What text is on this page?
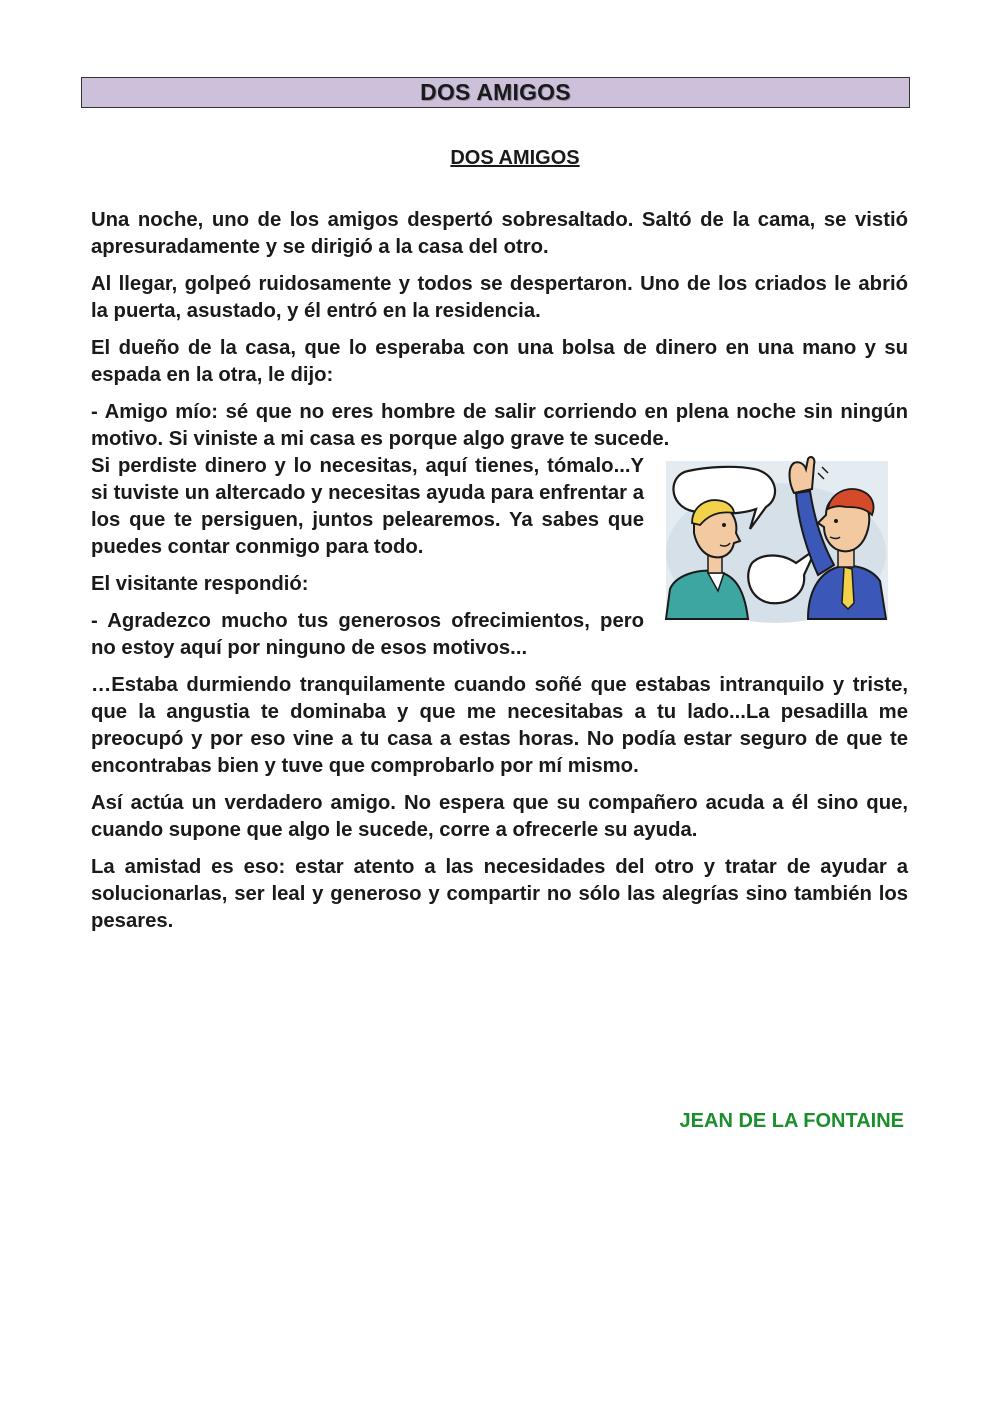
DOS AMIGOS
DOS AMIGOS

Una noche, uno de los amigos despertó sobresaltado. Saltó de la cama, se vistió apresuradamente y se dirigió a la casa del otro.

Al llegar, golpeó ruidosamente y todos se despertaron. Uno de los criados le abrió la puerta, asustado, y él entró en la residencia.

El dueño de la casa, que lo esperaba con una bolsa de dinero en una mano y su espada en la otra, le dijo:

- Amigo mío: sé que no eres hombre de salir corriendo en plena noche sin ningún motivo. Si viniste a mi casa es porque algo grave te sucede.

Si perdiste dinero y lo necesitas, aquí tienes, tómalo...Y si tuviste un altercado y necesitas ayuda para enfrentar a los que te persiguen, juntos pelearemos. Ya sabes que puedes contar conmigo para todo.

El visitante respondió:

- Agradezco mucho tus generosos ofrecimientos, pero no estoy aquí por ninguno de esos motivos...

…Estaba durmiendo tranquilamente cuando soñé que estabas intranquilo y triste, que la angustia te dominaba y que me necesitabas a tu lado...La pesadilla me preocupó y por eso vine a tu casa a estas horas. No podía estar seguro de que te encontrabas bien y tuve que comprobarlo por mí mismo.

Así actúa un verdadero amigo. No espera que su compañero acuda a él sino que, cuando supone que algo le sucede, corre a ofrecerle su ayuda.

La amistad es eso: estar atento a las necesidades del otro y tratar de ayudar a solucionarlas, ser leal y generoso y compartir no sólo las alegrías sino también los pesares.

JEAN DE LA FONTAINE
